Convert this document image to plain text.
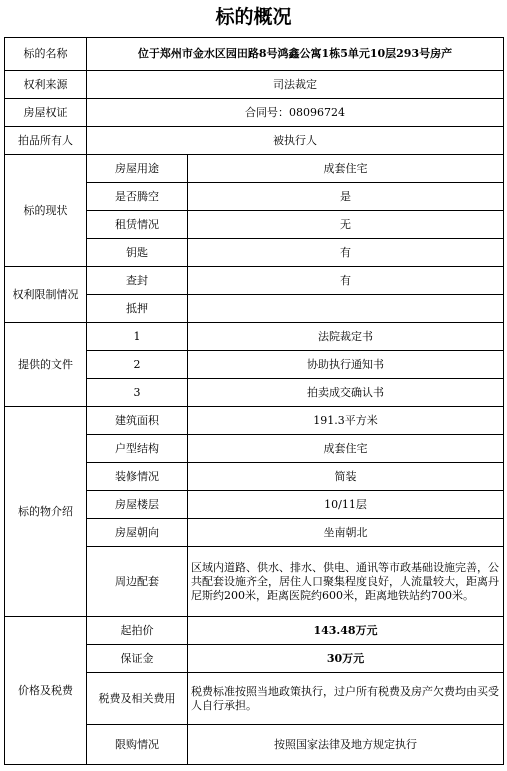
标的概况
标的名称	位于郑州市金水区园田路8号鸿鑫公寓1栋5单元10层293号房产	
权利来源	司法裁定	
房屋权证	合同号：08096724	
拍品所有人	被执行人	
标的现状	房屋用途	成套住宅
	是否腾空	是
	租赁情况	无
	钥匙	有
权利限制情况	查封	有
	抵押	
提供的文件	1	法院裁定书
	2	协助执行通知书
	3	拍卖成交确认书
标的物介绍	建筑面积	191.3平方米
	户型结构	成套住宅
	装修情况	简装
	房屋楼层	10/11层
	房屋朝向	坐南朝北
	周边配套	区域内道路、供水、排水、供电、通讯等市政基础设施完善，公共配套设施齐全，居住人口聚集程度良好，人流量较大，距离丹尼斯约200米，距离医院约600米，距离地铁站约700米。
价格及税费	起拍价	143.48万元
	保证金	30万元
	税费及相关费用	税费标准按照当地政策执行，过户所有税费及房产欠费均由买受人自行承担。
	限购情况	按照国家法律及地方规定执行
